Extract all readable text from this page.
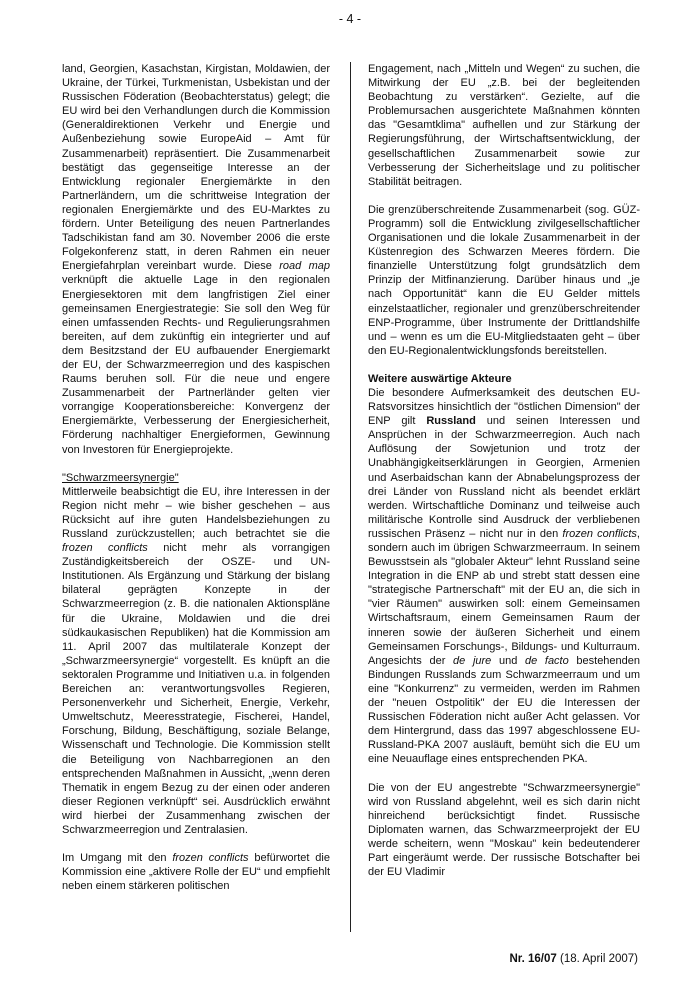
- 4 -

land, Georgien, Kasachstan, Kirgistan, Moldawien, der Ukraine, der Türkei, Turkmenistan, Usbekistan und der Russischen Föderation (Beobachterstatus) gelegt; die EU wird bei den Verhandlungen durch die Kommission (Generaldirektionen Verkehr und Energie und Außenbeziehung sowie EuropeAid – Amt für Zusammenarbeit) repräsentiert. Die Zusammenarbeit bestätigt das gegenseitige Interesse an der Entwicklung regionaler Energiemärkte in den Partnerländern, um die schrittweise Integration der regionalen Energiemärkte und des EU-Marktes zu fördern. Unter Beteiligung des neuen Partnerlandes Tadschikistan fand am 30. November 2006 die erste Folgekonferenz statt, in deren Rahmen ein neuer Energiefahrplan vereinbart wurde. Diese road map verknüpft die aktuelle Lage in den regionalen Energiesektoren mit dem langfristigen Ziel einer gemeinsamen Energiestrategie: Sie soll den Weg für einen umfassenden Rechts- und Regulierungsrahmen bereiten, auf dem zukünftig ein integrierter und auf dem Besitzstand der EU aufbauender Energiemarkt der EU, der Schwarzmeerregion und des kaspischen Raums beruhen soll. Für die neue und engere Zusammenarbeit der Partnerländer gelten vier vorrangige Kooperationsbereiche: Konvergenz der Energiemärkte, Verbesserung der Energiesicherheit, Förderung nachhaltiger Energieformen, Gewinnung von Investoren für Energieprojekte.

"Schwarzmeersynergie"

Mittlerweile beabsichtigt die EU, ihre Interessen in der Region nicht mehr – wie bisher geschehen – aus Rücksicht auf ihre guten Handelsbeziehungen zu Russland zurückzustellen; auch betrachtet sie die frozen conflicts nicht mehr als vorrangigen Zuständigkeitsbereich der OSZE- und UN-Institutionen. Als Ergänzung und Stärkung der bislang bilateral geprägten Konzepte in der Schwarzmeerregion (z. B. die nationalen Aktionspläne für die Ukraine, Moldawien und die drei südkaukasischen Republiken) hat die Kommission am 11. April 2007 das multilaterale Konzept der „Schwarzmeersynergie“ vorgestellt. Es knüpft an die sektoralen Programme und Initiativen u.a. in folgenden Bereichen an: verantwortungsvolles Regieren, Personenverkehr und Sicherheit, Energie, Verkehr, Umweltschutz, Meeresstrategie, Fischerei, Handel, Forschung, Bildung, Beschäftigung, soziale Belange, Wissenschaft und Technologie. Die Kommission stellt die Beteiligung von Nachbarregionen an den entsprechenden Maßnahmen in Aussicht, „wenn deren Thematik in engem Bezug zu der einen oder anderen dieser Regionen verknüpft“ sei. Ausdrücklich erwähnt wird hierbei der Zusammenhang zwischen der Schwarzmeerregion und Zentralasien.

Im Umgang mit den frozen conflicts befürwortet die Kommission eine „aktivere Rolle der EU“ und empfiehlt neben einem stärkeren politischen

Engagement, nach „Mitteln und Wegen“ zu suchen, die Mitwirkung der EU „z.B. bei der begleitenden Beobachtung zu verstärken“. Gezielte, auf die Problemursachen ausgerichtete Maßnahmen könnten das "Gesamtklima" aufhellen und zur Stärkung der Regierungsführung, der Wirtschaftsentwicklung, der gesellschaftlichen Zusammenarbeit sowie zur Verbesserung der Sicherheitslage und zu politischer Stabilität beitragen.

Die grenzüberschreitende Zusammenarbeit (sog. GÜZ-Programm) soll die Entwicklung zivilgesellschaftlicher Organisationen und die lokale Zusammenarbeit in der Küstenregion des Schwarzen Meeres fördern. Die finanzielle Unterstützung folgt grundsätzlich dem Prinzip der Mitfinanzierung. Darüber hinaus und „je nach Opportunität“ kann die EU Gelder mittels einzelstaatlicher, regionaler und grenzüberschreitender ENP-Programme, über Instrumente der Drittlandshilfe und – wenn es um die EU-Mitgliedstaaten geht – über den EU-Regionalentwicklungsfonds bereitstellen.

Weitere auswärtige Akteure

Die besondere Aufmerksamkeit des deutschen EU-Ratsvorsitzes hinsichtlich der "östlichen Dimension" der ENP gilt Russland und seinen Interessen und Ansprüchen in der Schwarzmeerregion. Auch nach Auflösung der Sowjetunion und trotz der Unabhängigkeitserklärungen in Georgien, Armenien und Aserbaidschan kann der Abnabelungsprozess der drei Länder von Russland nicht als beendet erklärt werden. Wirtschaftliche Dominanz und teilweise auch militärische Kontrolle sind Ausdruck der verbliebenen russischen Präsenz – nicht nur in den frozen conflicts, sondern auch im übrigen Schwarzmeerraum. In seinem Bewusstsein als "globaler Akteur" lehnt Russland seine Integration in die ENP ab und strebt statt dessen eine "strategische Partnerschaft" mit der EU an, die sich in "vier Räumen" auswirken soll: einem Gemeinsamen Wirtschaftsraum, einem Gemeinsamen Raum der inneren sowie der äußeren Sicherheit und einem Gemeinsamen Forschungs-, Bildungs- und Kulturraum. Angesichts der de jure und de facto bestehenden Bindungen Russlands zum Schwarzmeerraum und um eine "Konkurrenz" zu vermeiden, werden im Rahmen der "neuen Ostpolitik" der EU die Interessen der Russischen Föderation nicht außer Acht gelassen. Vor dem Hintergrund, dass das 1997 abgeschlossene EU-Russland-PKA 2007 ausläuft, bemüht sich die EU um eine Neuauflage eines entsprechenden PKA.

Die von der EU angestrebte "Schwarzmeersynergie" wird von Russland abgelehnt, weil es sich darin nicht hinreichend berücksichtigt findet. Russische Diplomaten warnen, das Schwarzmeerprojekt der EU werde scheitern, wenn "Moskau" kein bedeutenderer Part eingeräumt werde. Der russische Botschafter bei der EU Vladimir

Nr. 16/07 (18. April 2007)
